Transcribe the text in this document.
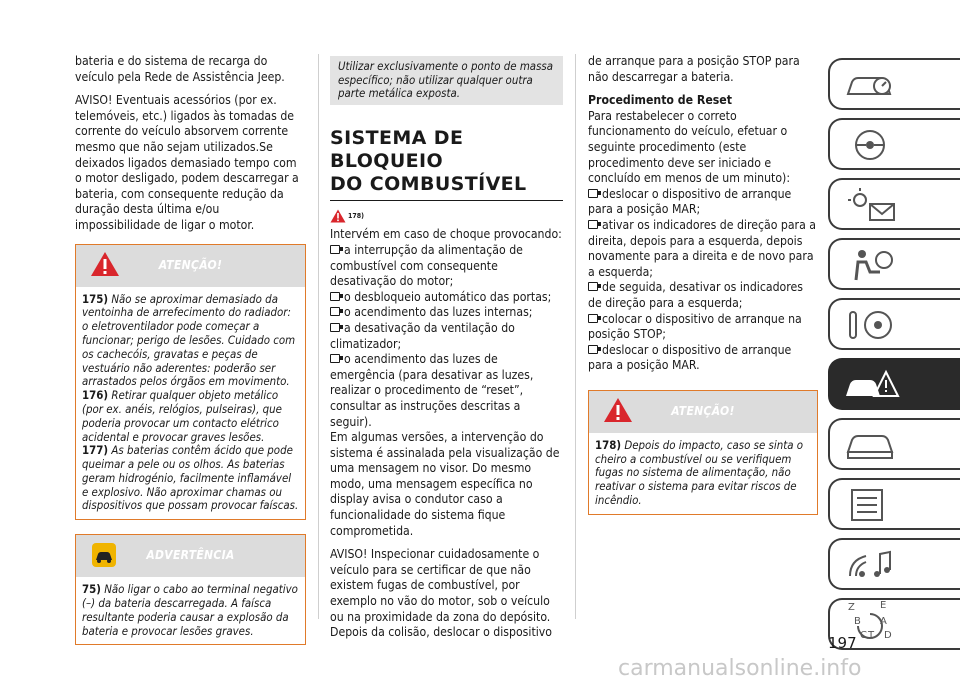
bateria e do sistema de recarga do veículo pela Rede de Assistência Jeep.

AVISO! Eventuais acessórios (por ex. telemóveis, etc.) ligados às tomadas de corrente do veículo absorvem corrente mesmo que não sejam utilizados.Se deixados ligados demasiado tempo com o motor desligado, podem descarregar a bateria, com consequente redução da duração desta última e/ou impossibilidade de ligar o motor.

ATENÇÃO!
175) Não se aproximar demasiado da ventoinha de arrefecimento do radiador: o eletroventilador pode começar a funcionar; perigo de lesões. Cuidado com os cachecóis, gravatas e peças de vestuário não aderentes: poderão ser arrastados pelos órgãos em movimento.
176) Retirar qualquer objeto metálico (por ex. anéis, relógios, pulseiras), que poderia provocar um contacto elétrico acidental e provocar graves lesões.
177) As baterias contêm ácido que pode queimar a pele ou os olhos. As baterias geram hidrogénio, facilmente inflamável e explosivo. Não aproximar chamas ou dispositivos que possam provocar faíscas.
ADVERTÊNCIA
75) Não ligar o cabo ao terminal negativo (–) da bateria descarregada. A faísca resultante poderia causar a explosão da bateria e provocar lesões graves.
Utilizar exclusivamente o ponto de massa específico; não utilizar qualquer outra parte metálica exposta.
SISTEMA DE BLOQUEIO
DO COMBUSTÍVEL
$^{178)}$
Intervém em caso de choque provocando:
a interrupção da alimentação de combustível com consequente desativação do motor;
o desbloqueio automático das portas;
o acendimento das luzes internas;
a desativação da ventilação do climatizador;
o acendimento das luzes de emergência (para desativar as luzes, realizar o procedimento de “reset”, consultar as instruções descritas a seguir).

Em algumas versões, a intervenção do sistema é assinalada pela visualização de uma mensagem no visor. Do mesmo modo, uma mensagem específica no display avisa o condutor caso a funcionalidade do sistema fique comprometida.

AVISO! Inspecionar cuidadosamente o veículo para se certificar de que não existem fugas de combustível, por exemplo no vão do motor, sob o veículo ou na proximidade da zona do depósito. Depois da colisão, deslocar o dispositivo

de arranque para a posição STOP para não descarregar a bateria.

Procedimento de Reset

Para restabelecer o correto funcionamento do veículo, efetuar o seguinte procedimento (este procedimento deve ser iniciado e concluído em menos de um minuto):
deslocar o dispositivo de arranque para a posição MAR;
ativar os indicadores de direção para a direita, depois para a esquerda, depois novamente para a direita e de novo para a esquerda;
de seguida, desativar os indicadores de direção para a esquerda;
colocar o dispositivo de arranque na posição STOP;
deslocar o dispositivo de arranque para a posição MAR.
ATENÇÃO!
178) Depois do impacto, caso se sinta o cheiro a combustível ou se verifiquem fugas no sistema de alimentação, não reativar o sistema para evitar riscos de incêndio.
Z	E
B A
C T D
197
carmanualsonline.info
